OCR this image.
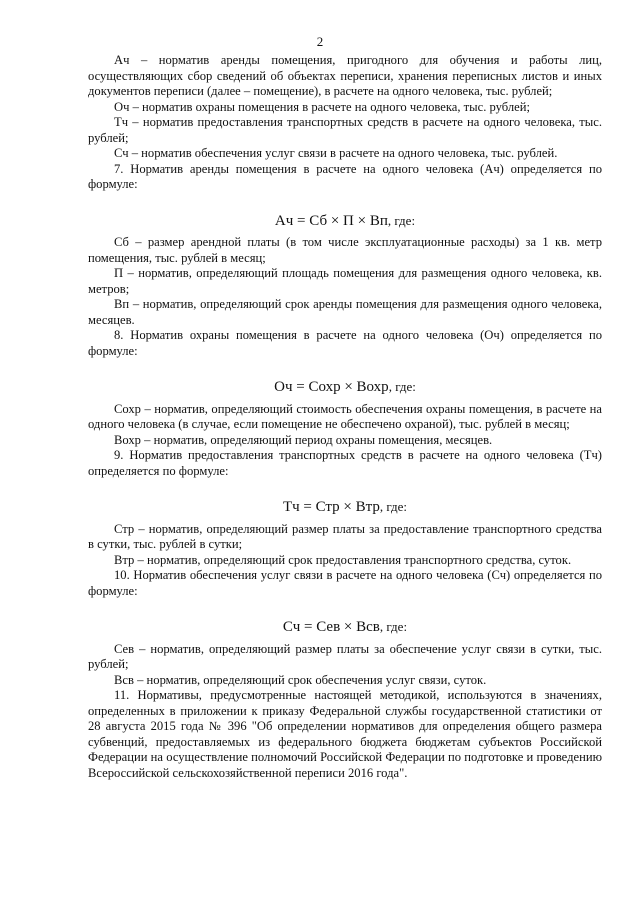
2

Ач – норматив аренды помещения, пригодного для обучения и работы лиц, осуществляющих сбор сведений об объектах переписи, хранения переписных листов и иных документов переписи (далее – помещение), в расчете на одного человека, тыс. рублей;

Оч – норматив охраны помещения в расчете на одного человека, тыс. рублей;

Тч – норматив предоставления транспортных средств в расчете на одного человека, тыс. рублей;

Сч – норматив обеспечения услуг связи в расчете на одного человека, тыс. рублей.

7. Норматив аренды помещения в расчете на одного человека (Ач) определяется по формуле:

Ач = Сб × П × Вп, где:

Сб – размер арендной платы (в том числе эксплуатационные расходы) за 1 кв. метр помещения, тыс. рублей в месяц;

П – норматив, определяющий площадь помещения для размещения одного человека, кв. метров;

Вп – норматив, определяющий срок аренды помещения для размещения одного человека, месяцев.

8. Норматив охраны помещения в расчете на одного человека (Оч) определяется по формуле:

Оч = Сохр × Вохр, где:

Сохр – норматив, определяющий стоимость обеспечения охраны помещения, в расчете на одного человека (в случае, если помещение не обеспечено охраной), тыс. рублей в месяц;

Вохр – норматив, определяющий период охраны помещения, месяцев.

9. Норматив предоставления транспортных средств в расчете на одного человека (Тч) определяется по формуле:

Тч = Стр × Втр, где:

Стр – норматив, определяющий размер платы за предоставление транспортного средства в сутки, тыс. рублей в сутки;

Втр – норматив, определяющий срок предоставления транспортного средства, суток.

10. Норматив обеспечения услуг связи в расчете на одного человека (Сч) определяется по формуле:

Сч = Сев × Всв, где:

Сев – норматив, определяющий размер платы за обеспечение услуг связи в сутки, тыс. рублей;

Всв – норматив, определяющий срок обеспечения услуг связи, суток.

11. Нормативы, предусмотренные настоящей методикой, используются в значениях, определенных в приложении к приказу Федеральной службы государственной статистики от 28 августа 2015 года № 396 "Об определении нормативов для определения общего размера субвенций, предоставляемых из федерального бюджета бюджетам субъектов Российской Федерации на осуществление полномочий Российской Федерации по подготовке и проведению Всероссийской сельскохозяйственной переписи 2016 года".
